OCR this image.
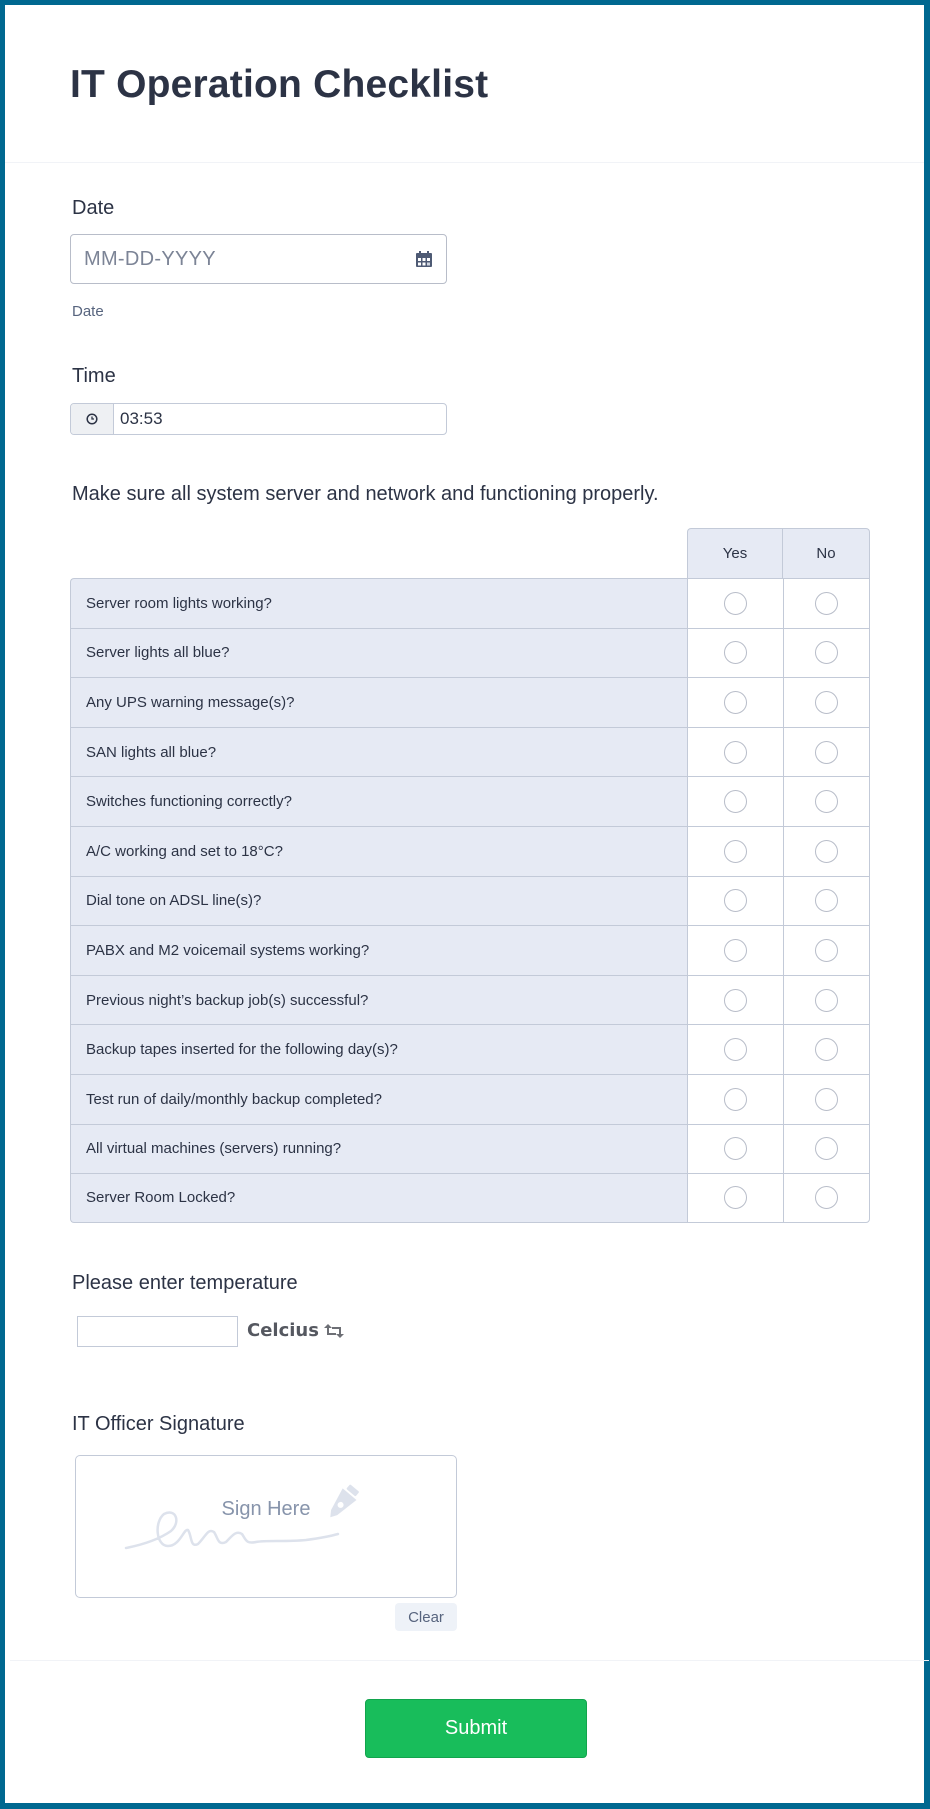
IT Operation Checklist
Date
MM-DD-YYYY
Date
Time
03:53
Make sure all system server and network and functioning properly.
Yes	No
Server room lights working?
Server lights all blue?
Any UPS warning message(s)?
SAN lights all blue?
Switches functioning correctly?
A/C working and set to 18°C?
Dial tone on ADSL line(s)?
PABX and M2 voicemail systems working?
Previous night’s backup job(s) successful?
Backup tapes inserted for the following day(s)?
Test run of daily/monthly backup completed?
All virtual machines (servers) running?
Server Room Locked?
Please enter temperature
Celcius
IT Officer Signature
Sign Here
Clear
Submit
